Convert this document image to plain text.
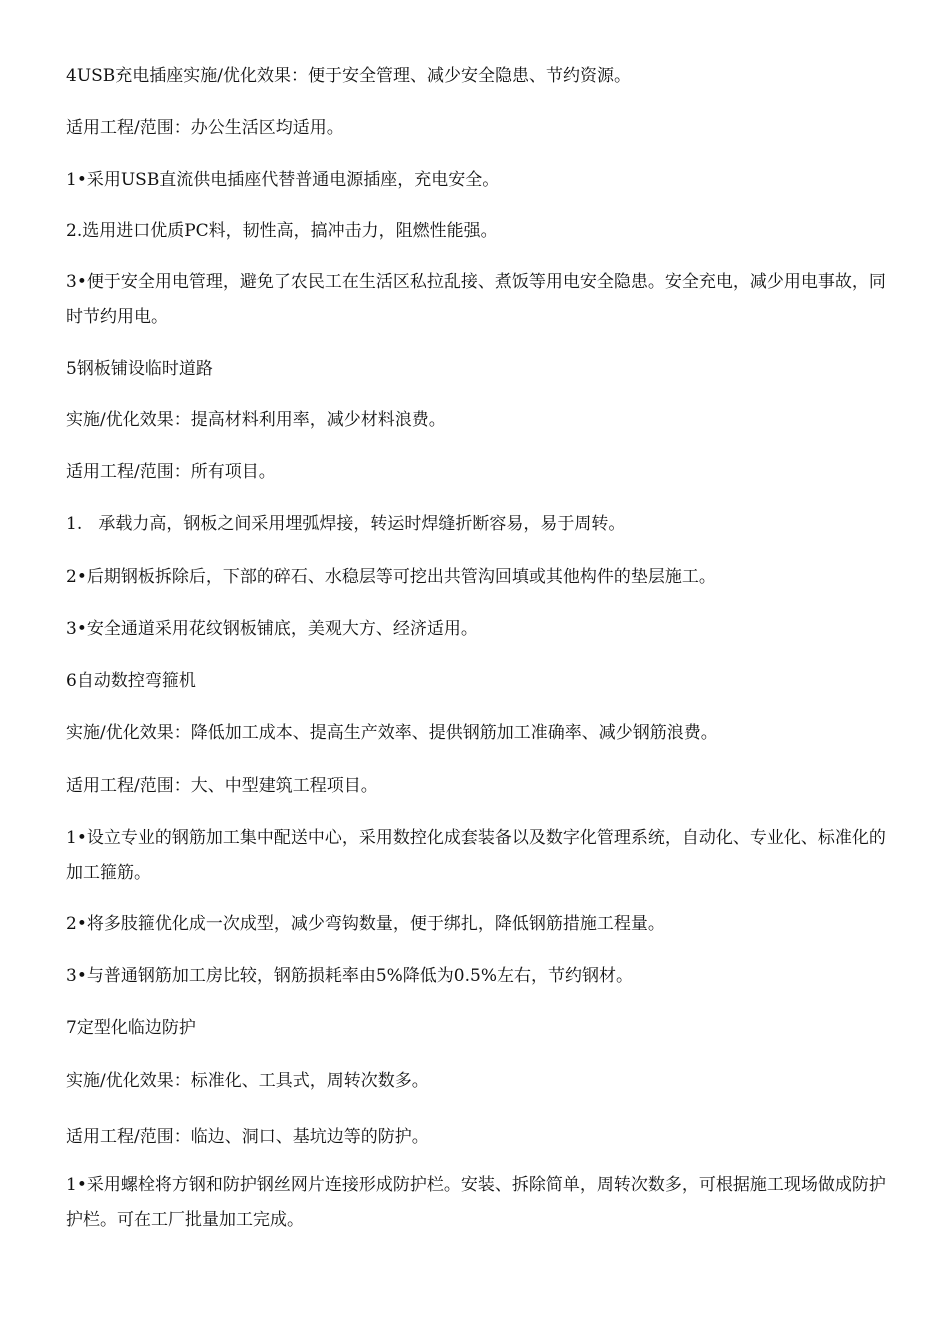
4USB充电插座实施/优化效果：便于安全管理、减少安全隐患、节约资源。

适用工程/范围：办公生活区均适用。

1•采用USB直流供电插座代替普通电源插座，充电安全。

2.选用进口优质PC料，韧性高，搞冲击力，阻燃性能强。

3•便于安全用电管理，避免了农民工在生活区私拉乱接、煮饭等用电安全隐患。安全充电，减少用电事故，同时节约用电。

5钢板铺设临时道路

实施/优化效果：提高材料利用率，减少材料浪费。

适用工程/范围：所有项目。

1.   承载力高，钢板之间采用埋弧焊接，转运时焊缝折断容易，易于周转。

2•后期钢板拆除后，下部的碎石、水稳层等可挖出共管沟回填或其他构件的垫层施工。

3•安全通道采用花纹钢板铺底，美观大方、经济适用。

6自动数控弯箍机

实施/优化效果：降低加工成本、提高生产效率、提供钢筋加工准确率、减少钢筋浪费。

适用工程/范围：大、中型建筑工程项目。

1•设立专业的钢筋加工集中配送中心，采用数控化成套装备以及数字化管理系统，自动化、专业化、标准化的加工箍筋。

2•将多肢箍优化成一次成型，减少弯钩数量，便于绑扎，降低钢筋措施工程量。

3•与普通钢筋加工房比较，钢筋损耗率由5%降低为0.5%左右，节约钢材。

7定型化临边防护

实施/优化效果：标准化、工具式，周转次数多。

适用工程/范围：临边、洞口、基坑边等的防护。

1•采用螺栓将方钢和防护钢丝网片连接形成防护栏。安装、拆除简单，周转次数多，可根据施工现场做成防护护栏。可在工厂批量加工完成。
